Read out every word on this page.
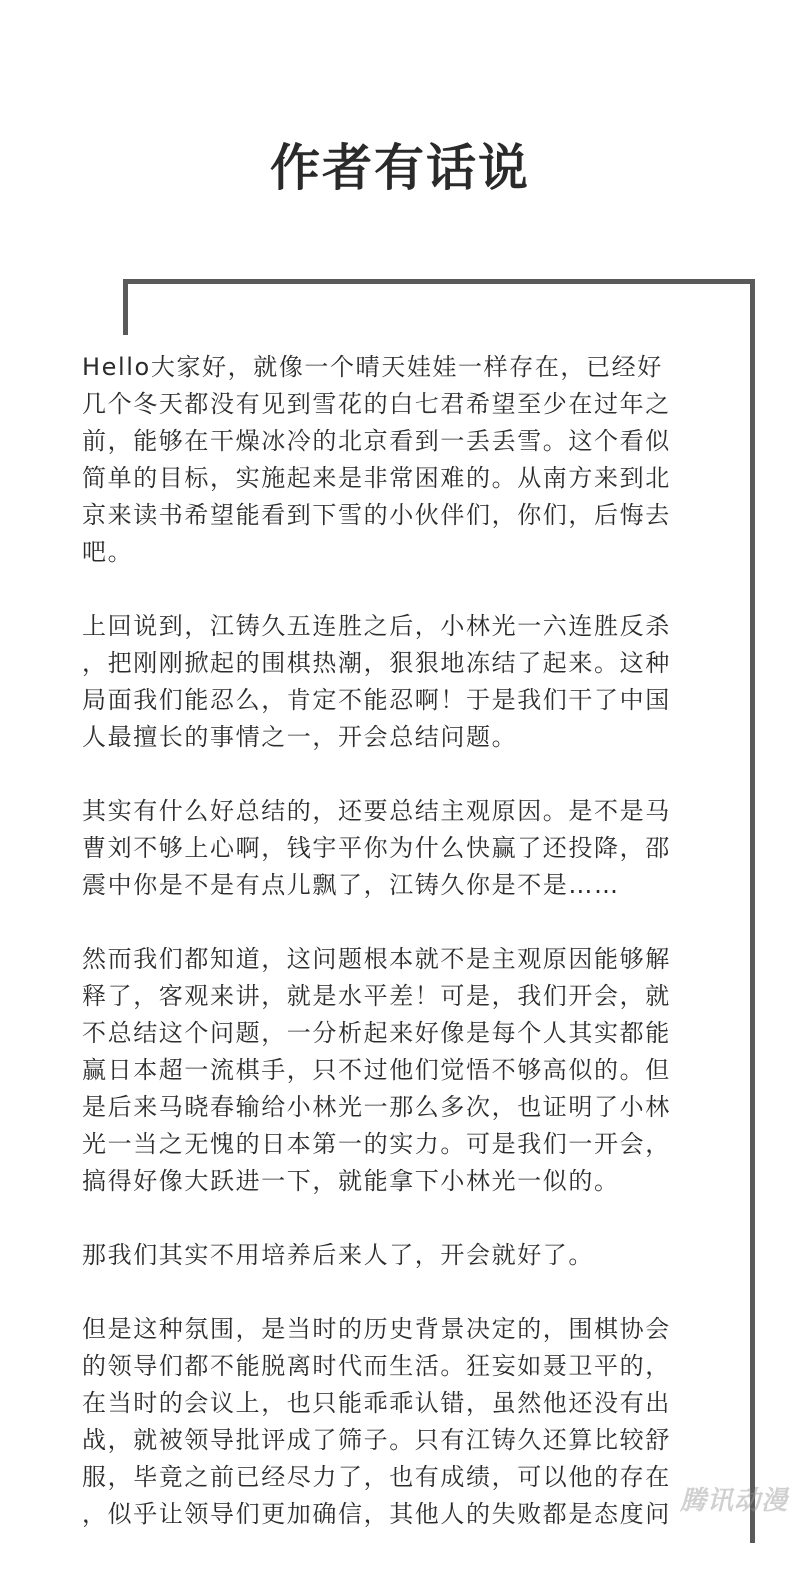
作者有话说
Hello大家好，就像一个晴天娃娃一样存在，已经好
几个冬天都没有见到雪花的白七君希望至少在过年之
前，能够在干燥冰冷的北京看到一丢丢雪。这个看似
简单的目标，实施起来是非常困难的。从南方来到北
京来读书希望能看到下雪的小伙伴们，你们，后悔去
吧。
上回说到，江铸久五连胜之后，小林光一六连胜反杀
，把刚刚掀起的围棋热潮，狠狠地冻结了起来。这种
局面我们能忍么，肯定不能忍啊！于是我们干了中国
人最擅长的事情之一，开会总结问题。
其实有什么好总结的，还要总结主观原因。是不是马
曹刘不够上心啊，钱宇平你为什么快赢了还投降，邵
震中你是不是有点儿飘了，江铸久你是不是……
然而我们都知道，这问题根本就不是主观原因能够解
释了，客观来讲，就是水平差！可是，我们开会，就
不总结这个问题，一分析起来好像是每个人其实都能
赢日本超一流棋手，只不过他们觉悟不够高似的。但
是后来马晓春输给小林光一那么多次，也证明了小林
光一当之无愧的日本第一的实力。可是我们一开会，
搞得好像大跃进一下，就能拿下小林光一似的。
那我们其实不用培养后来人了，开会就好了。
但是这种氛围，是当时的历史背景决定的，围棋协会
的领导们都不能脱离时代而生活。狂妄如聂卫平的，
在当时的会议上，也只能乖乖认错，虽然他还没有出
战，就被领导批评成了筛子。只有江铸久还算比较舒
服，毕竟之前已经尽力了，也有成绩，可以他的存在
，似乎让领导们更加确信，其他人的失败都是态度问 腾讯动漫
